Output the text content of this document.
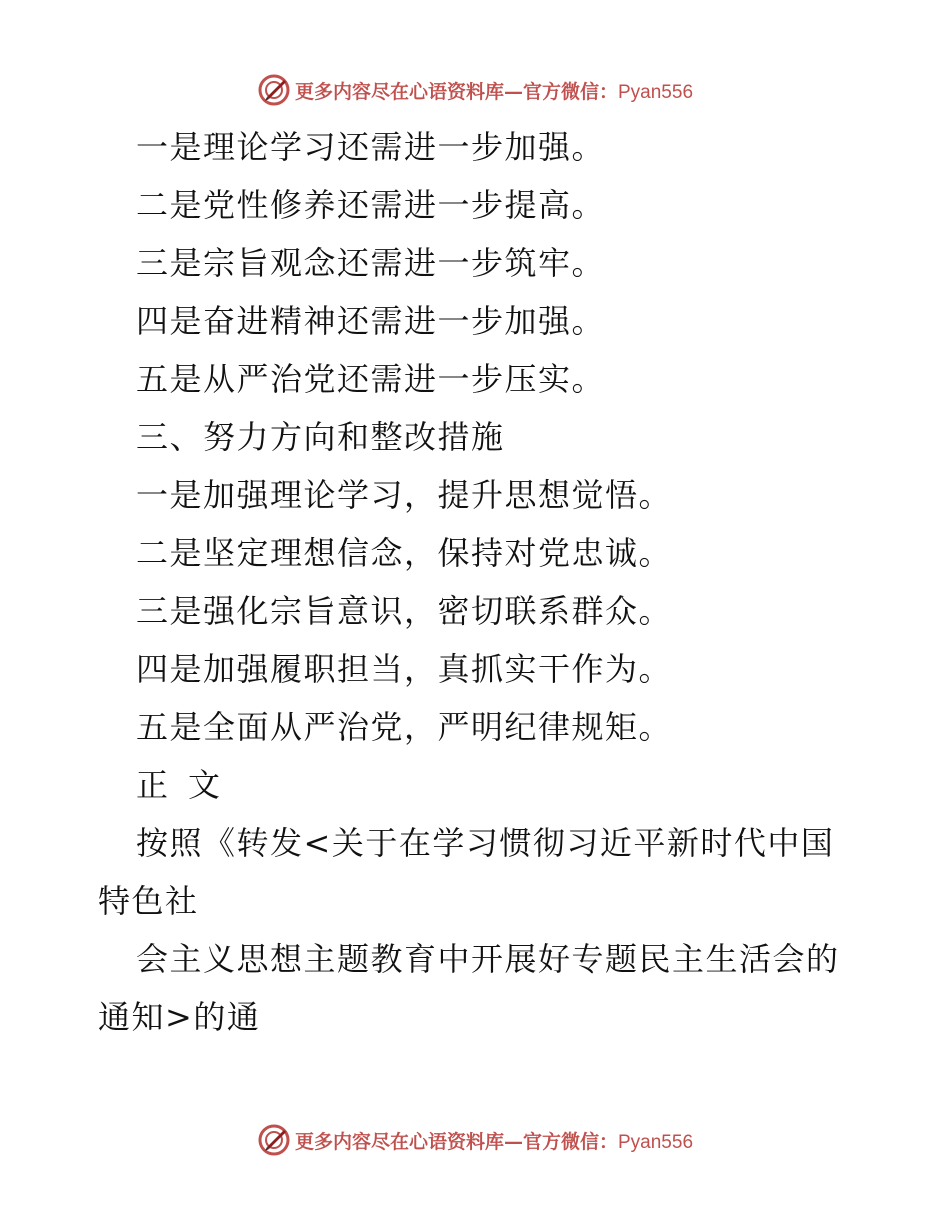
更多内容尽在心语资料库—官方微信：Pyan556
一是理论学习还需进一步加强。
二是党性修养还需进一步提高。
三是宗旨观念还需进一步筑牢。
四是奋进精神还需进一步加强。
五是从严治党还需进一步压实。
三、努力方向和整改措施
一是加强理论学习，提升思想觉悟。
二是坚定理想信念，保持对党忠诚。
三是强化宗旨意识，密切联系群众。
四是加强履职担当，真抓实干作为。
五是全面从严治党，严明纪律规矩。
正文
按照《转发<关于在学习惯彻习近平新时代中国
特色社
会主义思想主题教育中开展好专题民主生活会的
通知>的通
更多内容尽在心语资料库—官方微信：Pyan556
